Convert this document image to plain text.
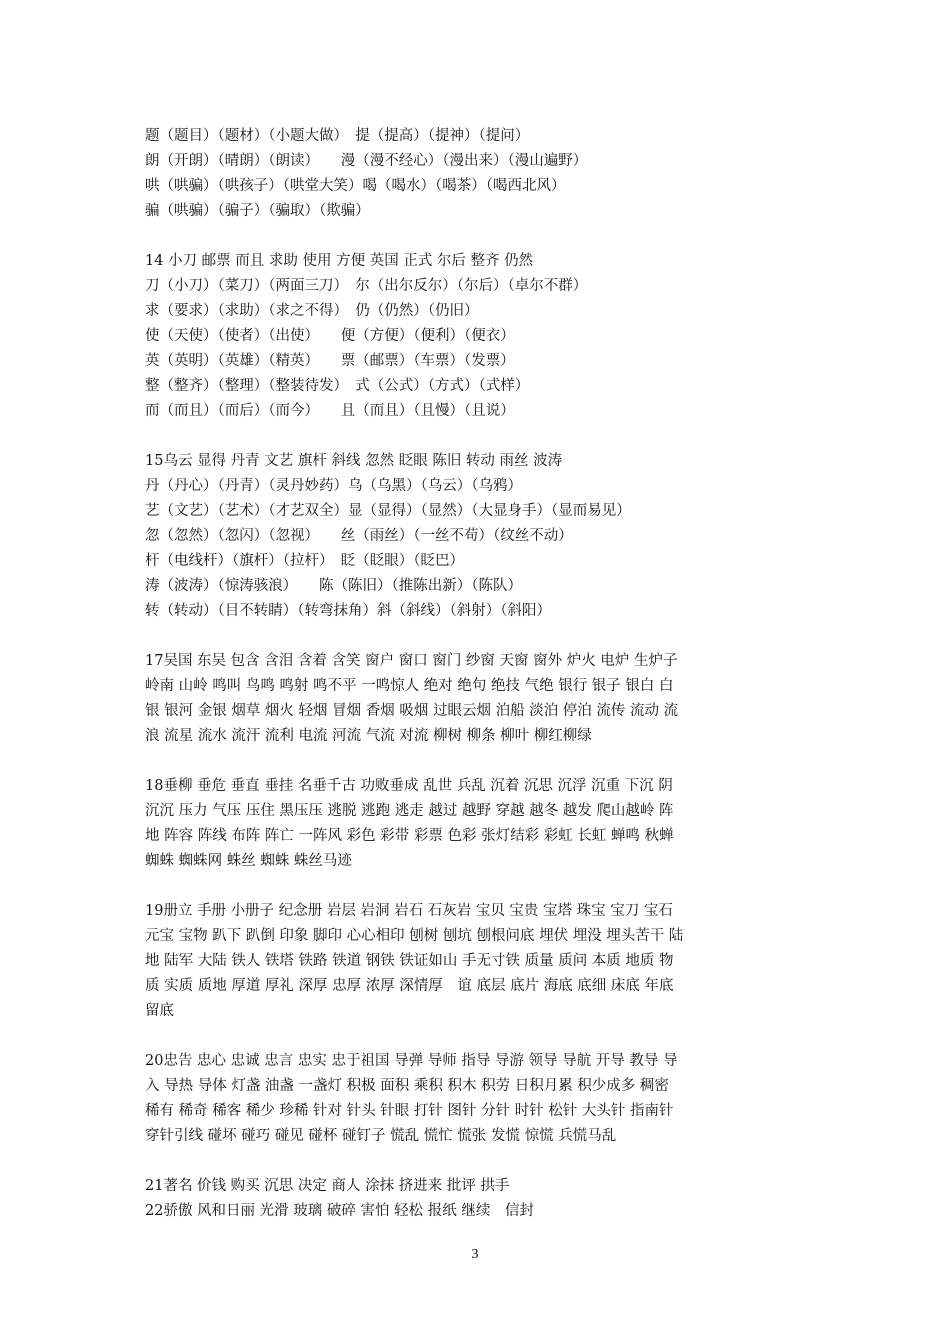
题（题目）（题材）（小题大做）　提（提高）（提神）（提问）
朗（开朗）（晴朗）（朗读）　　漫（漫不经心）（漫出来）（漫山遍野）
哄（哄骗）（哄孩子）（哄堂大笑）喝（喝水）（喝茶）（喝西北风）
骗（哄骗）（骗子）（骗取）（欺骗）
14 小刀 邮票 而且 求助 使用 方便 英国 正式 尔后 整齐 仍然
刀（小刀）（菜刀）（两面三刀）　尔（出尔反尔）（尔后）（卓尔不群）
求（要求）（求助）（求之不得）　仍（仍然）（仍旧）
使（天使）（使者）（出使）　　便（方便）（便利）（便衣）
英（英明）（英雄）（精英）　　票（邮票）（车票）（发票）
整（整齐）（整理）（整装待发）　式（公式）（方式）（式样）
而（而且）（而后）（而今）　　且（而且）（且慢）（且说）
15乌云 显得 丹青 文艺 旗杆 斜线 忽然 眨眼 陈旧 转动 雨丝 波涛
丹（丹心）（丹青）（灵丹妙药）乌（乌黑）（乌云）（乌鸦）
艺（文艺）（艺术）（才艺双全）显（显得）（显然）（大显身手）（显而易见）
忽（忽然）（忽闪）（忽视）　　丝（雨丝）（一丝不苟）（纹丝不动）
杆（电线杆）（旗杆）（拉杆）　眨（眨眼）（眨巴）
涛（波涛）（惊涛骇浪）　　陈（陈旧）（推陈出新）（陈队）
转（转动）（目不转睛）（转弯抹角）斜（斜线）（斜射）（斜阳）
17吴国 东吴 包含 含泪 含着 含笑 窗户 窗口 窗门 纱窗 天窗 窗外 炉火 电炉 生炉子
岭南 山岭 鸣叫 鸟鸣 鸣射 鸣不平 一鸣惊人 绝对 绝句 绝技 气绝 银行 银子 银白 白
银 银河 金银 烟草 烟火 轻烟 冒烟 香烟 吸烟 过眼云烟 泊船 淡泊 停泊 流传 流动 流
浪 流星 流水 流汗 流利 电流 河流 气流 对流 柳树 柳条 柳叶 柳红柳绿
18垂柳 垂危 垂直 垂挂 名垂千古 功败垂成 乱世 兵乱 沉着 沉思 沉浮 沉重 下沉 阴
沉沉 压力 气压 压住 黑压压 逃脱 逃跑 逃走 越过 越野 穿越 越冬 越发 爬山越岭 阵
地 阵容 阵线 布阵 阵亡 一阵风 彩色 彩带 彩票 色彩 张灯结彩 彩虹 长虹 蝉鸣 秋蝉
蜘蛛 蜘蛛网 蛛丝 蜘蛛 蛛丝马迹
19册立 手册 小册子 纪念册 岩层 岩洞 岩石 石灰岩 宝贝 宝贵 宝塔 珠宝 宝刀 宝石
元宝 宝物 趴下 趴倒 印象 脚印 心心相印 刨树 刨坑 刨根问底 埋伏 埋没 埋头苦干 陆
地 陆军 大陆 铁人 铁塔 铁路 铁道 钢铁 铁证如山 手无寸铁 质量 质问 本质 地质 物
质 实质 质地 厚道 厚礼 深厚 忠厚 浓厚 深情厚　谊 底层 底片 海底 底细 床底 年底
留底
20忠告 忠心 忠诚 忠言 忠实 忠于祖国 导弹 导师 指导 导游 领导 导航 开导 教导 导
入 导热 导体 灯盏 油盏 一盏灯 积极 面积 乘积 积木 积劳 日积月累 积少成多 稠密
稀有 稀奇 稀客 稀少 珍稀 针对 针头 针眼 打针 图针 分针 时针 松针 大头针 指南针
穿针引线 碰坏 碰巧 碰见 碰杯 碰钉子 慌乱 慌忙 慌张 发慌 惊慌 兵慌马乱
21著名 价钱 购买 沉思 决定 商人 涂抹 挤进来 批评 拱手
22骄傲 风和日丽 光滑 玻璃 破碎 害怕 轻松 报纸 继续　信封
3
